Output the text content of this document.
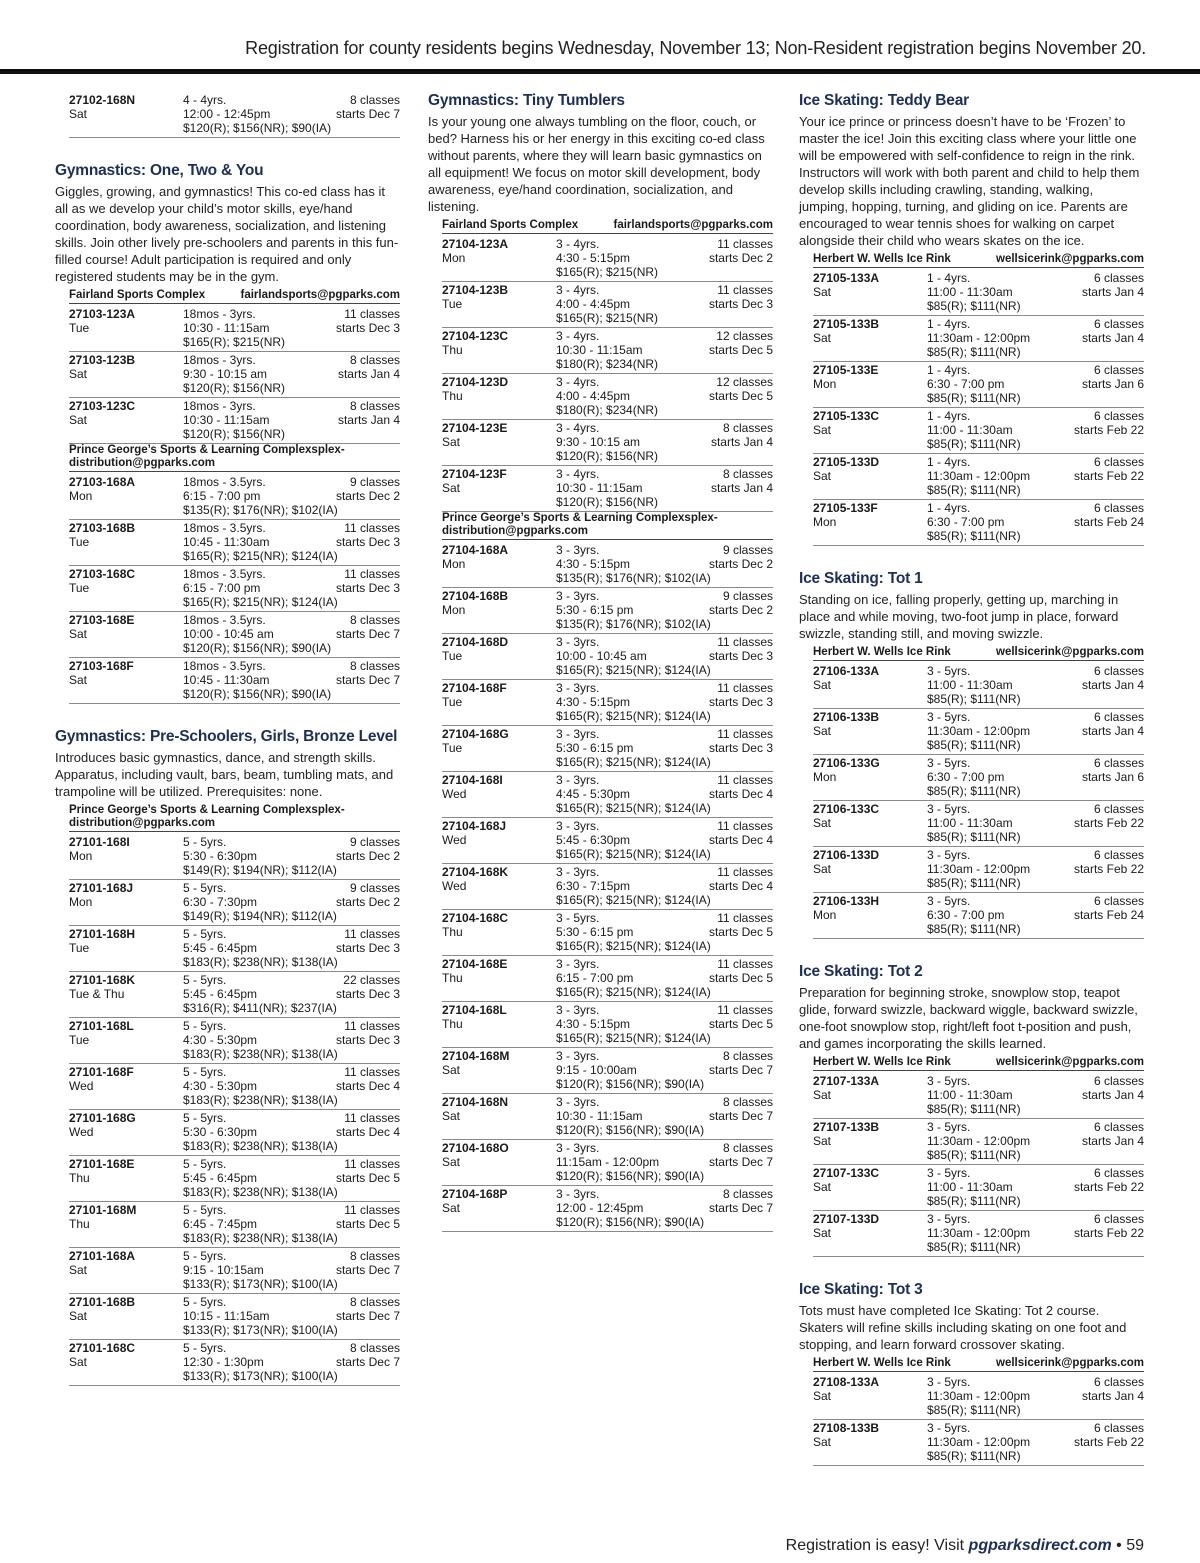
Registration for county residents begins Wednesday, November 13; Non-Resident registration begins November 20.
27102-168N
Sat
4 - 4yrs.	8 classes
12:00 - 12:45pm	starts Dec 7
$120(R); $156(NR); $90(IA)
Gymnastics: One, Two & You
Giggles, growing, and gymnastics! This co-ed class has it all as we develop your child’s motor skills, eye/hand coordination, body awareness, socialization, and listening skills. Join other lively pre-schoolers and parents in this fun-filled course! Adult participation is required and only registered students may be in the gym.
Fairland Sports Complex	fairlandsports@pgparks.com
27103-123A
Tue
18mos - 3yrs.	11 classes
10:30 - 11:15am	starts Dec 3
$165(R); $215(NR)
27103-123B
Sat
18mos - 3yrs.	8 classes
9:30 - 10:15 am	starts Jan 4
$120(R); $156(NR)
27103-123C
Sat
18mos - 3yrs.	8 classes
10:30 - 11:15am	starts Jan 4
$120(R); $156(NR)
Prince George’s Sports & Learning Complexsplex-distribution@pgparks.com
27103-168A
Mon
18mos - 3.5yrs.	9 classes
6:15 - 7:00 pm	starts Dec 2
$135(R); $176(NR); $102(IA)
27103-168B
Tue
18mos - 3.5yrs.	11 classes
10:45 - 11:30am	starts Dec 3
$165(R); $215(NR); $124(IA)
27103-168C
Tue
18mos - 3.5yrs.	11 classes
6:15 - 7:00 pm	starts Dec 3
$165(R); $215(NR); $124(IA)
27103-168E
Sat
18mos - 3.5yrs.	8 classes
10:00 - 10:45 am	starts Dec 7
$120(R); $156(NR); $90(IA)
27103-168F
Sat
18mos - 3.5yrs.	8 classes
10:45 - 11:30am	starts Dec 7
$120(R); $156(NR); $90(IA)
Gymnastics: Pre-Schoolers, Girls, Bronze Level
Introduces basic gymnastics, dance, and strength skills. Apparatus, including vault, bars, beam, tumbling mats, and trampoline will be utilized. Prerequisites: none.
Prince George’s Sports & Learning Complexsplex-distribution@pgparks.com
27101-168I
Mon
5 - 5yrs.	9 classes
5:30 - 6:30pm	starts Dec 2
$149(R); $194(NR); $112(IA)
27101-168J
Mon
5 - 5yrs.	9 classes
6:30 - 7:30pm	starts Dec 2
$149(R); $194(NR); $112(IA)
27101-168H
Tue
5 - 5yrs.	11 classes
5:45 - 6:45pm	starts Dec 3
$183(R); $238(NR); $138(IA)
27101-168K
Tue & Thu
5 - 5yrs.	22 classes
5:45 - 6:45pm	starts Dec 3
$316(R); $411(NR); $237(IA)
27101-168L
Tue
5 - 5yrs.	11 classes
4:30 - 5:30pm	starts Dec 3
$183(R); $238(NR); $138(IA)
27101-168F
Wed
5 - 5yrs.	11 classes
4:30 - 5:30pm	starts Dec 4
$183(R); $238(NR); $138(IA)
27101-168G
Wed
5 - 5yrs.	11 classes
5:30 - 6:30pm	starts Dec 4
$183(R); $238(NR); $138(IA)
27101-168E
Thu
5 - 5yrs.	11 classes
5:45 - 6:45pm	starts Dec 5
$183(R); $238(NR); $138(IA)
27101-168M
Thu
5 - 5yrs.	11 classes
6:45 - 7:45pm	starts Dec 5
$183(R); $238(NR); $138(IA)
27101-168A
Sat
5 - 5yrs.	8 classes
9:15 - 10:15am	starts Dec 7
$133(R); $173(NR); $100(IA)
27101-168B
Sat
5 - 5yrs.	8 classes
10:15 - 11:15am	starts Dec 7
$133(R); $173(NR); $100(IA)
27101-168C
Sat
5 - 5yrs.	8 classes
12:30 - 1:30pm	starts Dec 7
$133(R); $173(NR); $100(IA)
Gymnastics: Tiny Tumblers
Is your young one always tumbling on the floor, couch, or bed? Harness his or her energy in this exciting co-ed class without parents, where they will learn basic gymnastics on all equipment! We focus on motor skill development, body awareness, eye/hand coordination, socialization, and listening.
Fairland Sports Complex	fairlandsports@pgparks.com
27104-123A
Mon
3 - 4yrs.	11 classes
4:30 - 5:15pm	starts Dec 2
$165(R); $215(NR)
27104-123B
Tue
3 - 4yrs.	11 classes
4:00 - 4:45pm	starts Dec 3
$165(R); $215(NR)
27104-123C
Thu
3 - 4yrs.	12 classes
10:30 - 11:15am	starts Dec 5
$180(R); $234(NR)
27104-123D
Thu
3 - 4yrs.	12 classes
4:00 - 4:45pm	starts Dec 5
$180(R); $234(NR)
27104-123E
Sat
3 - 4yrs.	8 classes
9:30 - 10:15 am	starts Jan 4
$120(R); $156(NR)
27104-123F
Sat
3 - 4yrs.	8 classes
10:30 - 11:15am	starts Jan 4
$120(R); $156(NR)
Prince George’s Sports & Learning Complexsplex-distribution@pgparks.com
27104-168A
Mon
3 - 3yrs.	9 classes
4:30 - 5:15pm	starts Dec 2
$135(R); $176(NR); $102(IA)
27104-168B
Mon
3 - 3yrs.	9 classes
5:30 - 6:15 pm	starts Dec 2
$135(R); $176(NR); $102(IA)
27104-168D
Tue
3 - 3yrs.	11 classes
10:00 - 10:45 am	starts Dec 3
$165(R); $215(NR); $124(IA)
27104-168F
Tue
3 - 3yrs.	11 classes
4:30 - 5:15pm	starts Dec 3
$165(R); $215(NR); $124(IA)
27104-168G
Tue
3 - 3yrs.	11 classes
5:30 - 6:15 pm	starts Dec 3
$165(R); $215(NR); $124(IA)
27104-168I
Wed
3 - 3yrs.	11 classes
4:45 - 5:30pm	starts Dec 4
$165(R); $215(NR); $124(IA)
27104-168J
Wed
3 - 3yrs.	11 classes
5:45 - 6:30pm	starts Dec 4
$165(R); $215(NR); $124(IA)
27104-168K
Wed
3 - 3yrs.	11 classes
6:30 - 7:15pm	starts Dec 4
$165(R); $215(NR); $124(IA)
27104-168C
Thu
3 - 5yrs.	11 classes
5:30 - 6:15 pm	starts Dec 5
$165(R); $215(NR); $124(IA)
27104-168E
Thu
3 - 3yrs.	11 classes
6:15 - 7:00 pm	starts Dec 5
$165(R); $215(NR); $124(IA)
27104-168L
Thu
3 - 3yrs.	11 classes
4:30 - 5:15pm	starts Dec 5
$165(R); $215(NR); $124(IA)
27104-168M
Sat
3 - 3yrs.	8 classes
9:15 - 10:00am	starts Dec 7
$120(R); $156(NR); $90(IA)
27104-168N
Sat
3 - 3yrs.	8 classes
10:30 - 11:15am	starts Dec 7
$120(R); $156(NR); $90(IA)
27104-168O
Sat
3 - 3yrs.	8 classes
11:15am - 12:00pm	starts Dec 7
$120(R); $156(NR); $90(IA)
27104-168P
Sat
3 - 3yrs.	8 classes
12:00 - 12:45pm	starts Dec 7
$120(R); $156(NR); $90(IA)
Ice Skating: Teddy Bear
Your ice prince or princess doesn’t have to be ‘Frozen’ to master the ice! Join this exciting class where your little one will be empowered with self-confidence to reign in the rink. Instructors will work with both parent and child to help them develop skills including crawling, standing, walking, jumping, hopping, turning, and gliding on ice. Parents are encouraged to wear tennis shoes for walking on carpet alongside their child who wears skates on the ice.
Herbert W. Wells Ice Rink	wellsicerink@pgparks.com
27105-133A
Sat
1 - 4yrs.	6 classes
11:00 - 11:30am	starts Jan 4
$85(R); $111(NR)
27105-133B
Sat
1 - 4yrs.	6 classes
11:30am - 12:00pm	starts Jan 4
$85(R); $111(NR)
27105-133E
Mon
1 - 4yrs.	6 classes
6:30 - 7:00 pm	starts Jan 6
$85(R); $111(NR)
27105-133C
Sat
1 - 4yrs.	6 classes
11:00 - 11:30am	starts Feb 22
$85(R); $111(NR)
27105-133D
Sat
1 - 4yrs.	6 classes
11:30am - 12:00pm	starts Feb 22
$85(R); $111(NR)
27105-133F
Mon
1 - 4yrs.	6 classes
6:30 - 7:00 pm	starts Feb 24
$85(R); $111(NR)
Ice Skating: Tot 1
Standing on ice, falling properly, getting up, marching in place and while moving, two-foot jump in place, forward swizzle, standing still, and moving swizzle.
Herbert W. Wells Ice Rink	wellsicerink@pgparks.com
27106-133A
Sat
3 - 5yrs.	6 classes
11:00 - 11:30am	starts Jan 4
$85(R); $111(NR)
27106-133B
Sat
3 - 5yrs.	6 classes
11:30am - 12:00pm	starts Jan 4
$85(R); $111(NR)
27106-133G
Mon
3 - 5yrs.	6 classes
6:30 - 7:00 pm	starts Jan 6
$85(R); $111(NR)
27106-133C
Sat
3 - 5yrs.	6 classes
11:00 - 11:30am	starts Feb 22
$85(R); $111(NR)
27106-133D
Sat
3 - 5yrs.	6 classes
11:30am - 12:00pm	starts Feb 22
$85(R); $111(NR)
27106-133H
Mon
3 - 5yrs.	6 classes
6:30 - 7:00 pm	starts Feb 24
$85(R); $111(NR)
Ice Skating: Tot 2
Preparation for beginning stroke, snowplow stop, teapot glide, forward swizzle, backward wiggle, backward swizzle, one-foot snowplow stop, right/left foot t-position and push, and games incorporating the skills learned.
Herbert W. Wells Ice Rink	wellsicerink@pgparks.com
27107-133A
Sat
3 - 5yrs.	6 classes
11:00 - 11:30am	starts Jan 4
$85(R); $111(NR)
27107-133B
Sat
3 - 5yrs.	6 classes
11:30am - 12:00pm	starts Jan 4
$85(R); $111(NR)
27107-133C
Sat
3 - 5yrs.	6 classes
11:00 - 11:30am	starts Feb 22
$85(R); $111(NR)
27107-133D
Sat
3 - 5yrs.	6 classes
11:30am - 12:00pm	starts Feb 22
$85(R); $111(NR)
Ice Skating: Tot 3
Tots must have completed Ice Skating: Tot 2 course. Skaters will refine skills including skating on one foot and stopping, and learn forward crossover skating.
Herbert W. Wells Ice Rink	wellsicerink@pgparks.com
27108-133A
Sat
3 - 5yrs.	6 classes
11:30am - 12:00pm	starts Jan 4
$85(R); $111(NR)
27108-133B
Sat
3 - 5yrs.	6 classes
11:30am - 12:00pm	starts Feb 22
$85(R); $111(NR)
Registration is easy! Visit pgparksdirect.com • 59
